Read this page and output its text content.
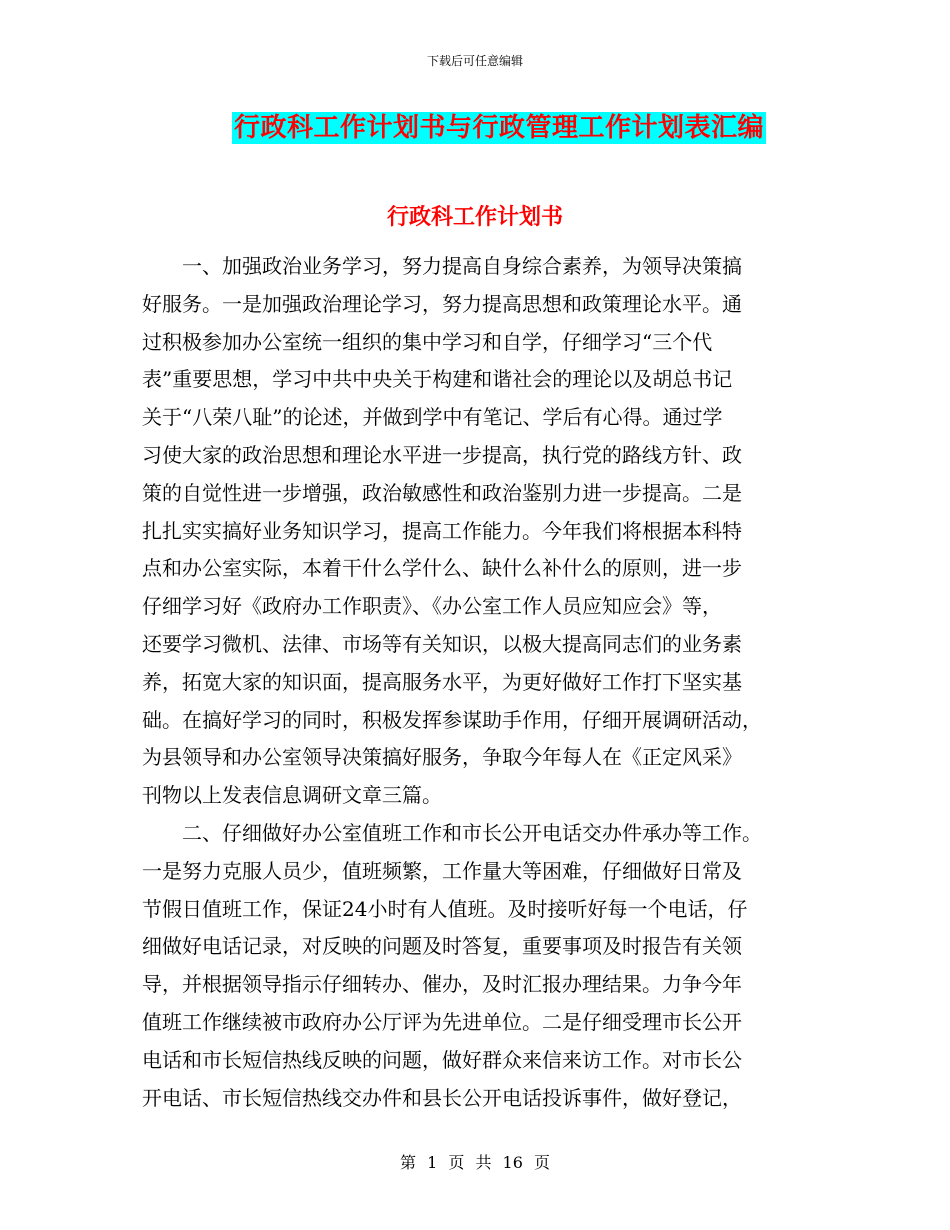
下载后可任意编辑
行政科工作计划书与行政管理工作计划表汇编
行政科工作计划书
　　一、加强政治业务学习，努力提高自身综合素养，为领导决策搞
好服务。一是加强政治理论学习，努力提高思想和政策理论水平。通
过积极参加办公室统一组织的集中学习和自学，仔细学习“三个代
表”重要思想，学习中共中央关于构建和谐社会的理论以及胡总书记
关于“八荣八耻”的论述，并做到学中有笔记、学后有心得。通过学
习使大家的政治思想和理论水平进一步提高，执行党的路线方针、政
策的自觉性进一步增强，政治敏感性和政治鉴别力进一步提高。二是
扎扎实实搞好业务知识学习，提高工作能力。今年我们将根据本科特
点和办公室实际，本着干什么学什么、缺什么补什么的原则，进一步
仔细学习好《政府办工作职责》、《办公室工作人员应知应会》等，
还要学习微机、法律、市场等有关知识，以极大提高同志们的业务素
养，拓宽大家的知识面，提高服务水平，为更好做好工作打下坚实基
础。在搞好学习的同时，积极发挥参谋助手作用，仔细开展调研活动，
为县领导和办公室领导决策搞好服务，争取今年每人在《正定风采》
刊物以上发表信息调研文章三篇。
　　二、仔细做好办公室值班工作和市长公开电话交办件承办等工作。
一是努力克服人员少，值班频繁，工作量大等困难，仔细做好日常及
节假日值班工作，保证24小时有人值班。及时接听好每一个电话，仔
细做好电话记录，对反映的问题及时答复，重要事项及时报告有关领
导，并根据领导指示仔细转办、催办，及时汇报办理结果。力争今年
值班工作继续被市政府办公厅评为先进单位。二是仔细受理市长公开
电话和市长短信热线反映的问题，做好群众来信来访工作。对市长公
开电话、市长短信热线交办件和县长公开电话投诉事件，做好登记，
第 1 页 共 16 页
